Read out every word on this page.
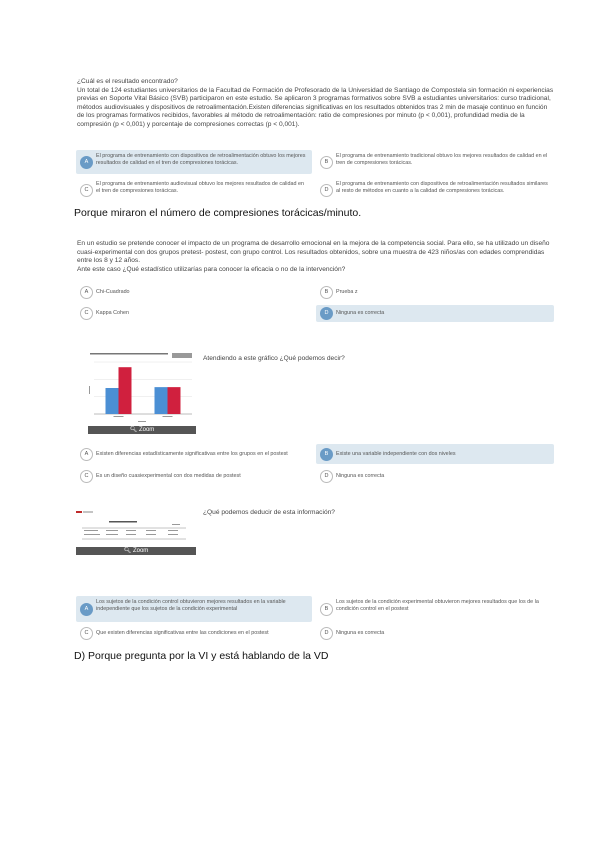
¿Cuál es el resultado encontrado?
Un total de 124 estudiantes universitarios de la Facultad de Formación de Profesorado de la Universidad de Santiago de Compostela sin formación ni experiencias previas en Soporte Vital Básico (SVB) participaron en este estudio. Se aplicaron 3 programas formativos sobre SVB a estudiantes universitarios: curso tradicional, métodos audiovisuales y dispositivos de retroalimentación.Existen diferencias significativas en los resultados obtenidos tras 2 min de masaje continuo en función de los programas formativos recibidos, favorables al método de retroalimentación: ratio de compresiones por minuto (p < 0,001), profundidad media de la compresión (p < 0,001) y porcentaje de compresiones correctas (p < 0,001).
A
El programa de entrenamiento con dispositivos de retroalimentación obtuvo los mejores resultados de calidad en el tren de compresiones torácicas.	B
El programa de entrenamiento tradicional obtuvo los mejores resultados de calidad en el tren de compresiones torácicas.
C
El programa de entrenamiento audiovisual obtuvo los mejores resultados de calidad en el tren de compresiones torácicas.	D
El programa de entrenamiento con dispositivos de retroalimentación resultados similares al resto de métodos en cuanto a la calidad de compresiones torácicas.
Porque miraron el número de compresiones torácicas/minuto.
En un estudio se pretende conocer el impacto de un programa de desarrollo emocional en la mejora de la competencia social. Para ello, se ha utilizado un diseño cuasi-experimental con dos grupos pretest- postest, con grupo control. Los resultados obtenidos, sobre una muestra de 423 niños/as con edades comprendidas entre los 8 y 12 años.
Ante este caso ¿Qué estadístico utilizarías para conocer la eficacia o no de la intervención?
A	Chi-Cuadrado	B	Prueba z
C	Kappa Cohen	D	Ninguna es correcta
🔍︎ Zoom
Atendiendo a este gráfico ¿Qué podemos decir?
A	Existen diferencias estadísticamente significativas entre los grupos en el postest	B	Existe una variable independiente con dos niveles
C	Es un diseño cuasiexperimental con dos medidas de postest	D	Ninguna es correcta
🔍︎ Zoom
¿Qué podemos deducir de esta información?
A
Los sujetos de la condición control obtuvieron mejores resultados en la variable independiente que los sujetos de la condición experimental	B
Los sujetos de la condición experimental obtuvieron mejores resultados que los de la condición control en el postest
C	Que existen diferencias significativas entre las condiciones en el postest	D	Ninguna es correcta
D) Porque pregunta por la VI y está hablando de la VD
